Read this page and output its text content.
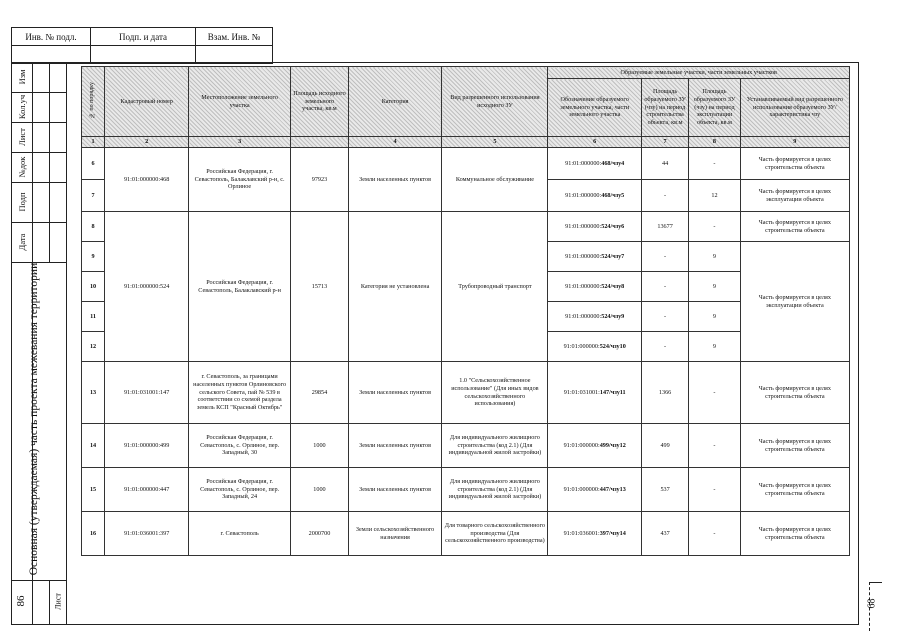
Инв. № подл.	Подп. и дата	Взам. Инв. №

Изм
Кол.уч
Лист
№док
Подп
Дата
Основная (утверждаемая) часть проекта межевания территории
86	Лист
№ по порядку	Кадастровый номер	Местоположение земельного участка	Площадь исходного земельного участка, кв.м	Категория	Вид разрешенного использования исходного ЗУ	Образуемые земельные участки, части земельных участков			
						Обозначение образуемого земельного участка, части земельного участка	Площадь образуемого ЗУ (чзу) на период строительства объекта, кв.м	Площадь образуемого ЗУ (чзу) на период эксплуатации объекта, кв.м	Устанавливаемый вид разрешенного использования образуемого ЗУ/характеристика чзу
1	2	3		4	5	6	7	8	9
6	91:01:000000:468	Российская Федерация, г. Севастополь, Балаклавский р-н, с. Орлиное	97923	Земли населенных пунктов	Коммунальное обслуживание	91:01:000000:468/чзу4	44	-	Часть формируется в целях строительства объекта
7						91:01:000000:468/чзу5	-	12	Часть формируется в целях эксплуатации объекта
8	91:01:000000:524	Российская Федерация, г. Севастополь, Балаклавский р-н	15713	Категория не установлена	Трубопроводный транспорт	91:01:000000:524/чзу6	13677	-	Часть формируется в целях строительства объекта
9						91:01:000000:524/чзу7	-	9	Часть формируется в целях эксплуатации объекта
10						91:01:000000:524/чзу8	-	9	
11						91:01:000000:524/чзу9	-	9	
12						91:01:000000:524/чзу10	-	9	
13	91:01:031001:147	г. Севастополь, за границами населенных пунктов Орлиновского сельского Совета, пай № 539 в соответствии со схемой раздела земель КСП "Красный Октябрь"	29854	Земли населенных пунктов	1.0 "Сельскохозяйственное использование" (Для иных видов сельскохозяйственного использования)	91:01:031001:147/чзу11	1366	-	Часть формируется в целях строительства объекта
14	91:01:000000:499	Российская Федерация, г. Севастополь, с. Орлиное, пер. Западный, 30	1000	Земли населенных пунктов	Для индивидуального жилищного строительства (код 2.1) (Для индивидуальной жилой застройки)	91:01:000000:499/чзу12	499	-	Часть формируется в целях строительства объекта
15	91:01:000000:447	Российская Федерация, г. Севастополь, с. Орлиное, пер. Западный, 24	1000	Земли населенных пунктов	Для индивидуального жилищного строительства (код 2.1) (Для индивидуальной жилой застройки)	91:01:000000:447/чзу13	537	-	Часть формируется в целях строительства объекта
16	91:01:036001:397	г. Севастополь	2000700	Земли сельскохозяйственного назначения	Для товарного сельскохозяйственного производства (Для сельскохозяйственного производства)	91:01:036001:397/чзу14	437	-	Часть формируется в целях строительства объекта
68
